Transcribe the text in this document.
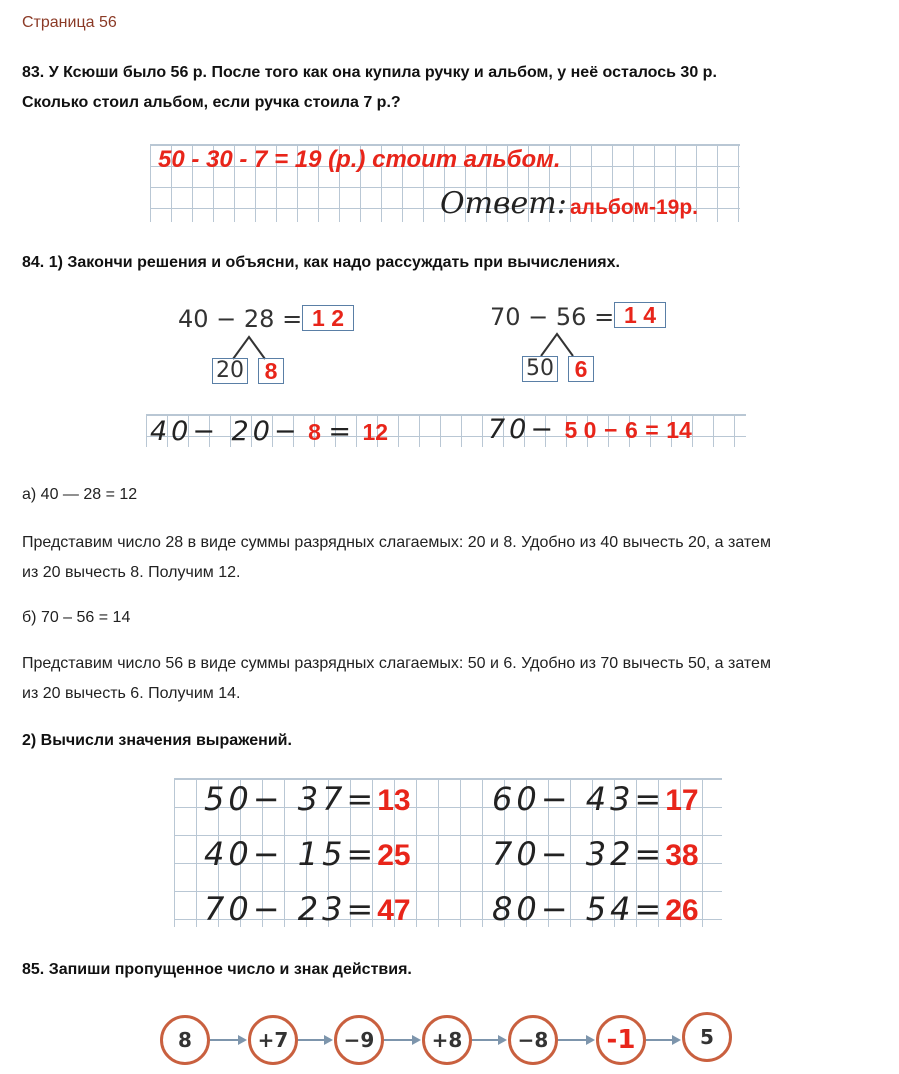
Страница 56
83. У Ксюши было 56 р. После того как она купила ручку и альбом, у неё осталось 30 р.
Сколько стоил альбом, если ручка стоила 7 р.?
50 - 30 - 7 = 19 (р.) стоит альбом.
Ответ: альбом-19р.
84. 1) Закончи решения и объясни, как надо рассуждать при вычислениях.
40 − 28 = 1 2
20 8
70 − 56 = 1 4
50 6
40− 20− 8 = 12	70− 5 0 − 6 = 14
а) 40 — 28 = 12
Представим число 28 в виде суммы разрядных слагаемых: 20 и 8. Удобно из 40 вычесть 20, а затем
из 20 вычесть 8. Получим 12.
б) 70 – 56 = 14
Представим число 56 в виде суммы разрядных слагаемых: 50 и 6. Удобно из 70 вычесть 50, а затем
из 20 вычесть 6. Получим 14.
2) Вычисли значения выражений.
50− 37=13	60− 43=17
40− 15=25	70− 32=38
70− 23=47	80− 54=26
85. Запиши пропущенное число и знак действия.
8	+7	−9	+8	−8	-1	5
